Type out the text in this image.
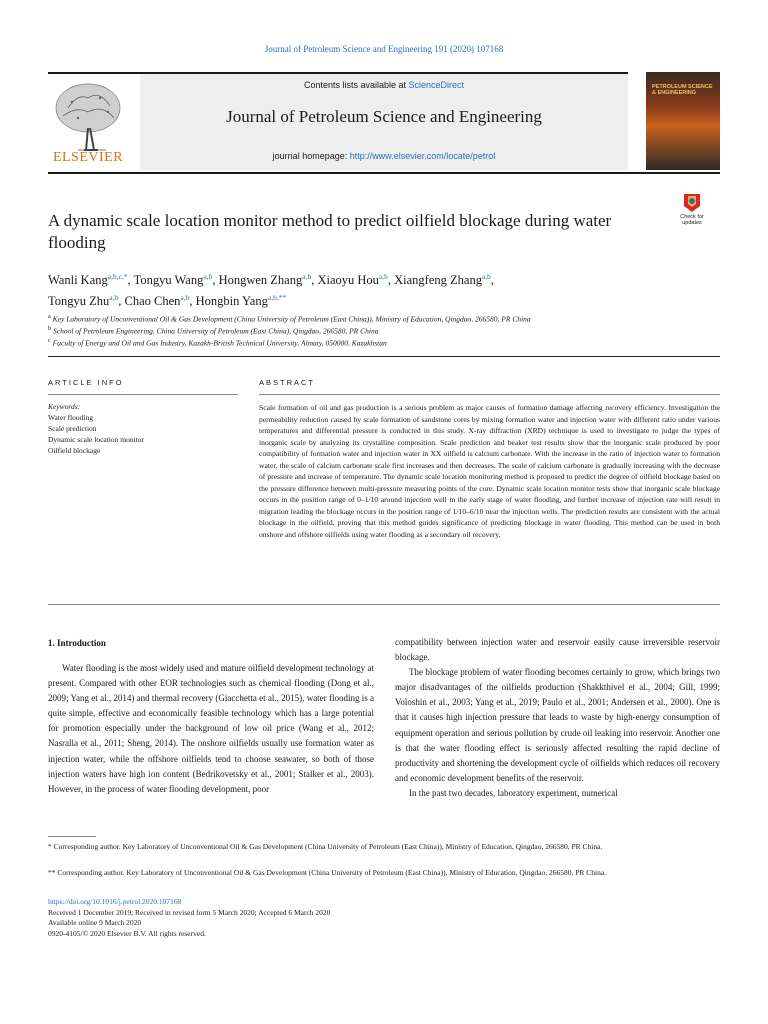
Journal of Petroleum Science and Engineering 191 (2020) 107168
ELSEVIER
Contents lists available at ScienceDirect
Journal of Petroleum Science and Engineering
journal homepage: http://www.elsevier.com/locate/petrol
PETROLEUM SCIENCE & ENGINEERING
Check for updates
A dynamic scale location monitor method to predict oilfield blockage during water flooding
Wanli Kang$^{a,b,c,*}$, Tongyu Wang$^{a,b}$, Hongwen Zhang$^{a,b}$, Xiaoyu Hou$^{a,b}$, Xiangfeng Zhang$^{a,b}$,
Tongyu Zhu$^{a,b}$, Chao Chen$^{a,b}$, Hongbin Yang$^{a,b,**}$
$^a$ Key Laboratory of Unconventional Oil & Gas Development (China University of Petroleum (East China)), Ministry of Education, Qingdao, 266580, PR China
$^b$ School of Petroleum Engineering, China University of Petroleum (East China), Qingdao, 266580, PR China
$^c$ Faculty of Energy and Oil and Gas Industry, Kazakh-British Technical University, Almaty, 050000, Kazakhstan
ARTICLE INFO	ABSTRACT
Keywords:
Water flooding
Scale prediction
Dynamic scale location monitor
Oilfield blockage
Scale formation of oil and gas production is a serious problem as major causes of formation damage affecting recovery efficiency. Investigation the permeability reduction caused by scale formation of sandstone cores by mixing formation water and injection water with different ratio under various temperatures and differential pressure is conducted in this study. X-ray diffraction (XRD) technique is used to investigate to judge the types of inorganic scale by analyzing its crystalline composition. Scale prediction and beaker test results show that the inorganic scale produced by poor compatibility of formation water and injection water in XX oilfield is calcium carbonate. With the increase in the ratio of injection water to formation water, the scale of calcium carbonate scale first increases and then decreases. The scale of calcium carbonate is gradually increasing with the decrease of pressure and increase of temperature. The dynamic scale location monitoring method is proposed to predict the degree of oilfield blockage based on the pressure difference between multi-pressure measuring points of the core. Dynamic scale location monitor tests show that inorganic scale blockage occurs in the position range of 0–1/10 around injection well in the early stage of water flooding, and further increase of injection rate will result in migration leading the blockage occurs in the position range of 1/10–6/10 near the injection wells. The prediction results are consistent with the actual blockage in the oilfield, proving that this method guides significance of predicting blockage in water flooding. This method can be used in both onshore and offshore oilfields using water flooding as a secondary oil recovery.
1. Introduction

Water flooding is the most widely used and mature oilfield development technology at present. Compared with other EOR technologies such as chemical flooding (Dong et al., 2009; Yang et al., 2014) and thermal recovery (Giacchetta et al., 2015), water flooding is a quite simple, effective and economically feasible technology which has a large potential for promotion especially under the background of low oil price (Wang et al., 2012; Nasralla et al., 2011; Sheng, 2014). The onshore oilfields usually use formation water as injection water, while the offshore oilfields tend to choose seawater, so both of those injection waters have high ion content (Bedrikovetsky et al., 2001; Stalker et al., 2003). However, in the process of water flooding development, poor

compatibility between injection water and reservoir easily cause irreversible reservoir blockage.

The blockage problem of water flooding becomes certainly to grow, which brings two major disadvantages of the oilfields production (Shakkthivel et al., 2004; Gill, 1999; Voloshin et al., 2003; Yang et al., 2019; Paulo et al., 2001; Andersen et al., 2000). One is that it causes high injection pressure that leads to waste by high-energy consumption of equipment operation and serious pollution by crude oil leaking into reservoir. Another one is that the water flooding effect is seriously affected resulting the rapid decline of productivity and shortening the development cycle of oilfields which reduces oil recovery and economic development benefits of the reservoir.

In the past two decades, laboratory experiment, numerical

* Corresponding author. Key Laboratory of Unconventional Oil & Gas Development (China University of Petroleum (East China)), Ministry of Education, Qingdao, 266580, PR China.
** Corresponding author. Key Laboratory of Unconventional Oil & Gas Development (China University of Petroleum (East China)), Ministry of Education, Qingdao, 266580, PR China.
https://doi.org/10.1016/j.petrol.2020.107168
Received 1 December 2019; Received in revised form 5 March 2020; Accepted 6 March 2020
Available online 9 March 2020
0920-4105/© 2020 Elsevier B.V. All rights reserved.
